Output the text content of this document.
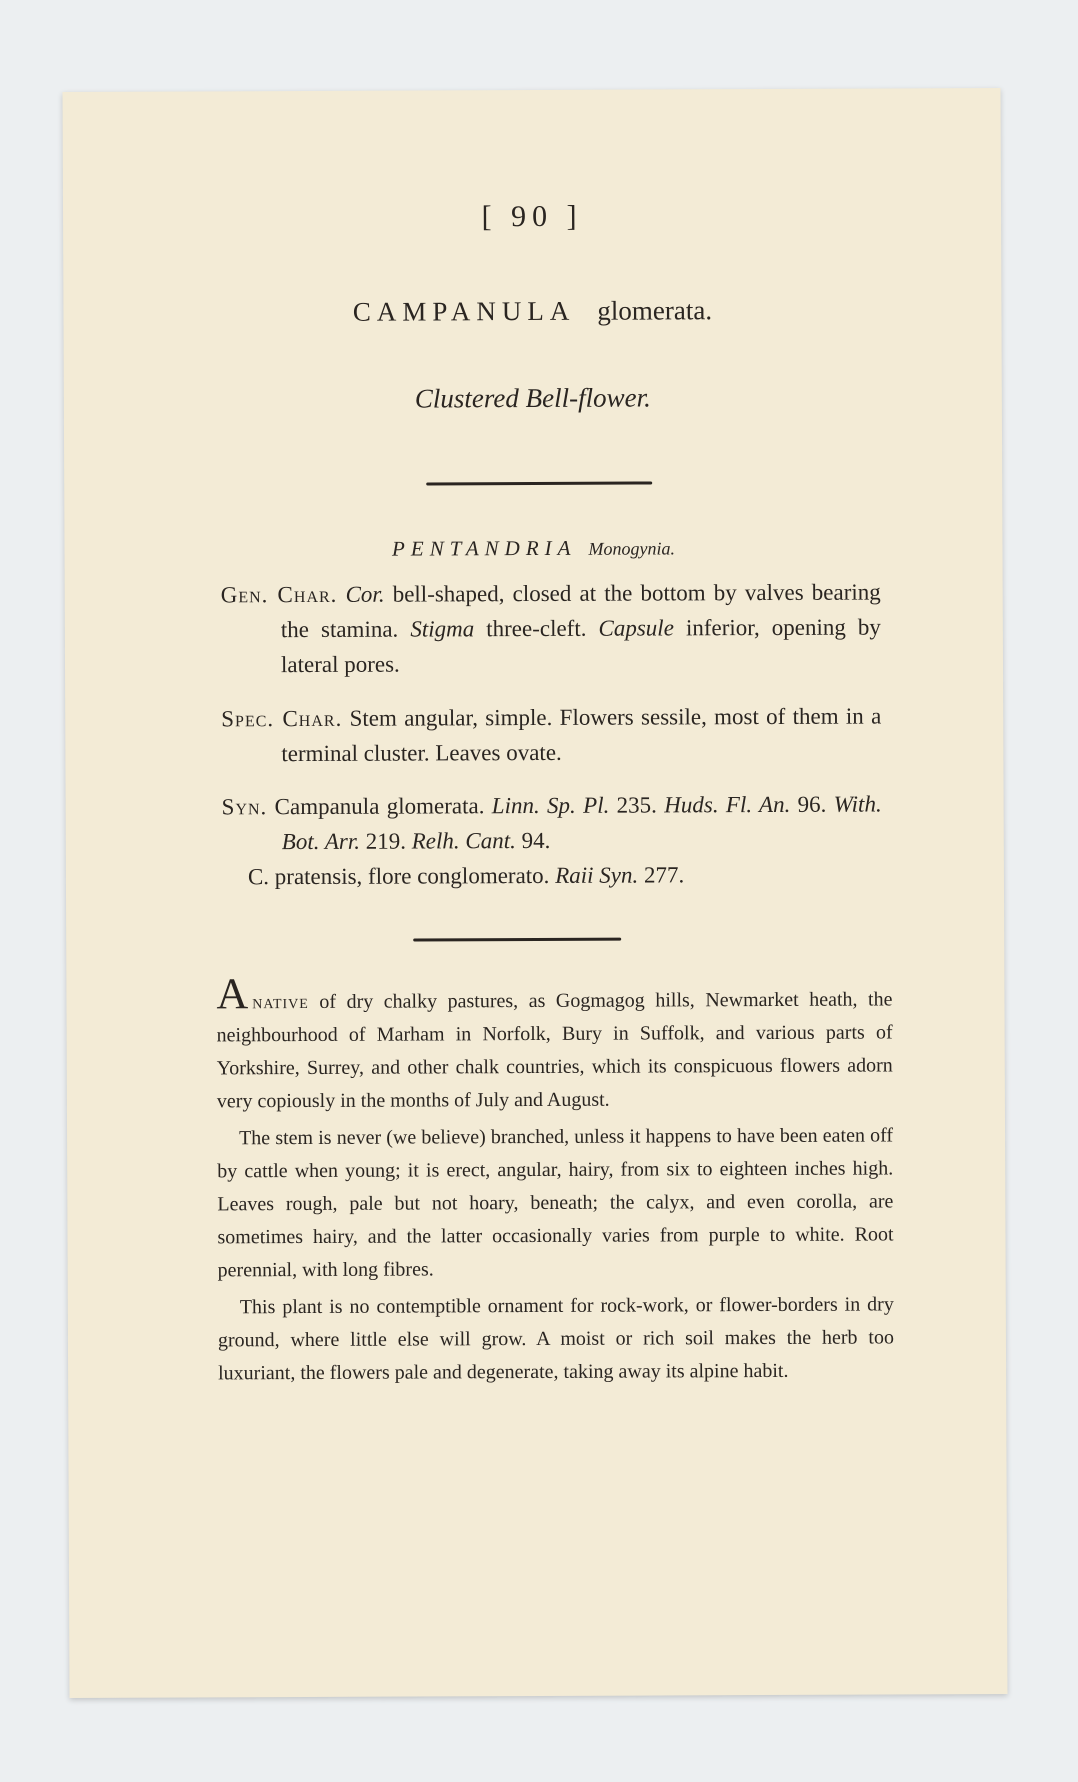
[ 90 ]
CAMPANULA glomerata.
Clustered Bell-flower.
PENTANDRIA Monogynia.

Gen. Char. Cor. bell-shaped, closed at the bottom by valves bearing the stamina. Stigma three-cleft. Capsule inferior, opening by lateral pores.

Spec. Char. Stem angular, simple. Flowers sessile, most of them in a terminal cluster. Leaves ovate.

Syn. Campanula glomerata. Linn. Sp. Pl. 235. Huds. Fl. An. 96. With. Bot. Arr. 219. Relh. Cant. 94.

C. pratensis, flore conglomerato. Raii Syn. 277.

Anative of dry chalky pastures, as Gogmagog hills, Newmarket heath, the neighbourhood of Marham in Norfolk, Bury in Suffolk, and various parts of Yorkshire, Surrey, and other chalk countries, which its conspicuous flowers adorn very copiously in the months of July and August.

The stem is never (we believe) branched, unless it happens to have been eaten off by cattle when young; it is erect, angular, hairy, from six to eighteen inches high. Leaves rough, pale but not hoary, beneath; the calyx, and even corolla, are sometimes hairy, and the latter occasionally varies from purple to white. Root perennial, with long fibres.

This plant is no contemptible ornament for rock-work, or flower-borders in dry ground, where little else will grow. A moist or rich soil makes the herb too luxuriant, the flowers pale and degenerate, taking away its alpine habit.
